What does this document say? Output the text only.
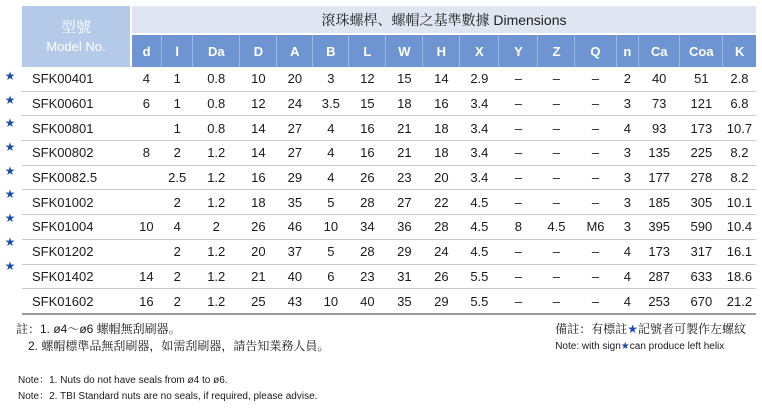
型號
Model No.	滾珠螺桿、螺帽之基準數據 Dimensions																
	d	l	Da	D	A	B	L	W	H	X	Y	Z	Q	n	Ca	Coa	K
SFK00401	4	1	0.8	10	20	3	12	15	14	2.9	–	–	–	2	40	51	2.8
SFK00601	6	1	0.8	12	24	3.5	15	18	16	3.4	–	–	–	3	73	121	6.8
SFK00801		1	0.8	14	27	4	16	21	18	3.4	–	–	–	4	93	173	10.7
SFK00802	8	2	1.2	14	27	4	16	21	18	3.4	–	–	–	3	135	225	8.2
SFK0082.5		2.5	1.2	16	29	4	26	23	20	3.4	–	–	–	3	177	278	8.2
SFK01002		2	1.2	18	35	5	28	27	22	4.5	–	–	–	3	185	305	10.1
SFK01004	10	4	2	26	46	10	34	36	28	4.5	8	4.5	M6	3	395	590	10.4
SFK01202		2	1.2	20	37	5	28	29	24	4.5	–	–	–	4	173	317	16.1
SFK01402	14	2	1.2	21	40	6	23	31	26	5.5	–	–	–	4	287	633	18.6
SFK01602	16	2	1.2	25	43	10	40	35	29	5.5	–	–	–	4	253	670	21.2
★
★
★
★
★
★
★
★
★
註：1. ø4～ø6 螺帽無刮刷器。
2. 螺帽標準品無刮刷器，如需刮刷器，請告知業務人員。
備註：有標註★記號者可製作左螺紋
Note: with sign★can produce left helix
Note：1. Nuts do not have seals from ø4 to ø6.
Note：2. TBI Standard nuts are no seals, if required, please advise.
